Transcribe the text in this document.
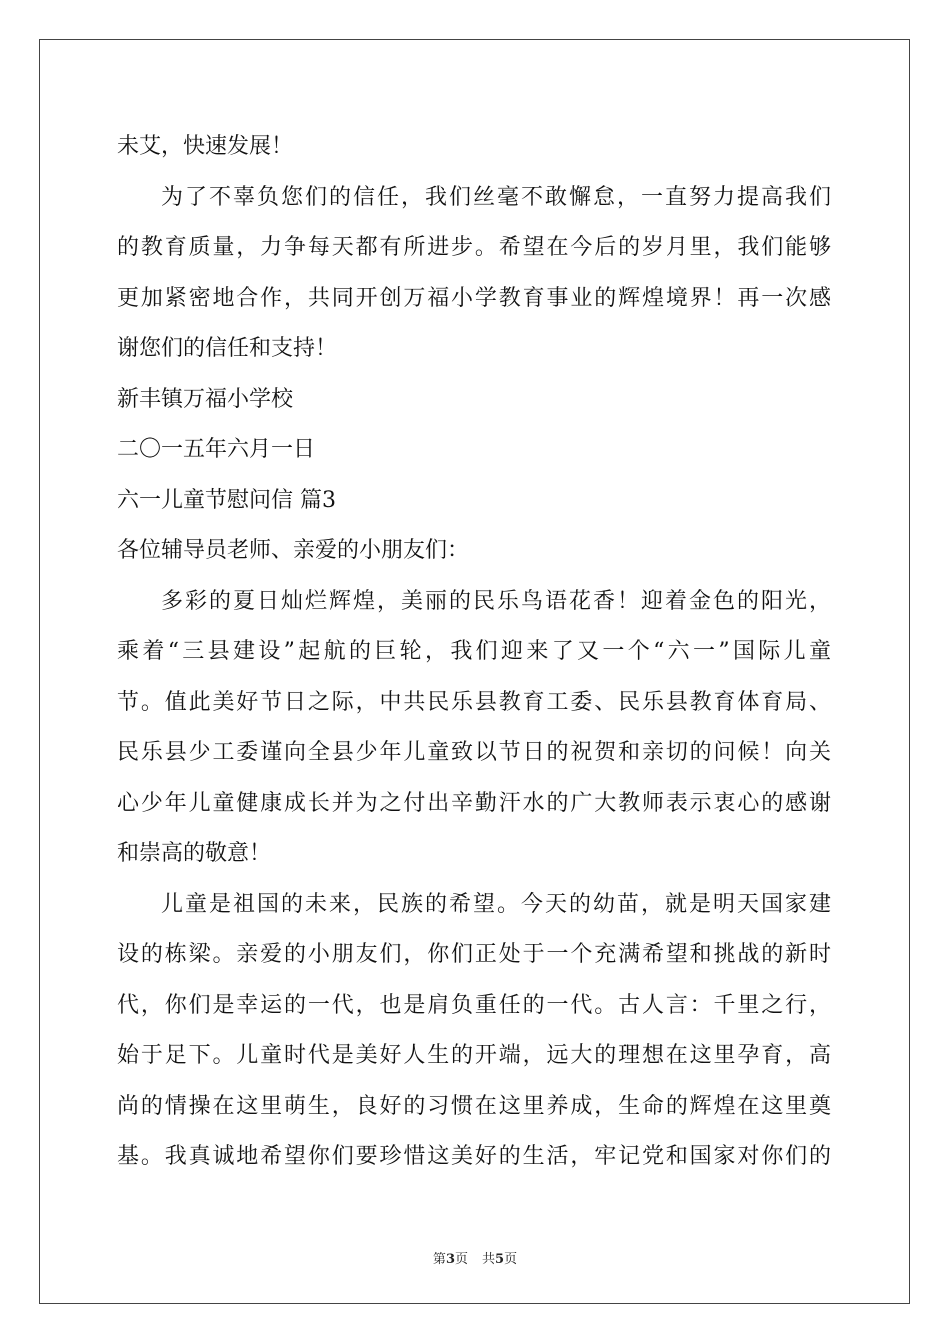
未艾，快速发展！
为了不辜负您们的信任，我们丝毫不敢懈怠，一直努力提高我们
的教育质量，力争每天都有所进步。希望在今后的岁月里，我们能够
更加紧密地合作，共同开创万福小学教育事业的辉煌境界！再一次感
谢您们的信任和支持！
新丰镇万福小学校
二〇一五年六月一日
六一儿童节慰问信 篇3
各位辅导员老师、亲爱的小朋友们：
多彩的夏日灿烂辉煌，美丽的民乐鸟语花香！迎着金色的阳光，
乘着“三县建设”起航的巨轮，我们迎来了又一个“六一”国际儿童
节。值此美好节日之际，中共民乐县教育工委、民乐县教育体育局、
民乐县少工委谨向全县少年儿童致以节日的祝贺和亲切的问候！向关
心少年儿童健康成长并为之付出辛勤汗水的广大教师表示衷心的感谢
和崇高的敬意！
儿童是祖国的未来，民族的希望。今天的幼苗，就是明天国家建
设的栋梁。亲爱的小朋友们，你们正处于一个充满希望和挑战的新时
代，你们是幸运的一代，也是肩负重任的一代。古人言：千里之行，
始于足下。儿童时代是美好人生的开端，远大的理想在这里孕育，高
尚的情操在这里萌生，良好的习惯在这里养成，生命的辉煌在这里奠
基。我真诚地希望你们要珍惜这美好的生活，牢记党和国家对你们的
第3页 共5页
